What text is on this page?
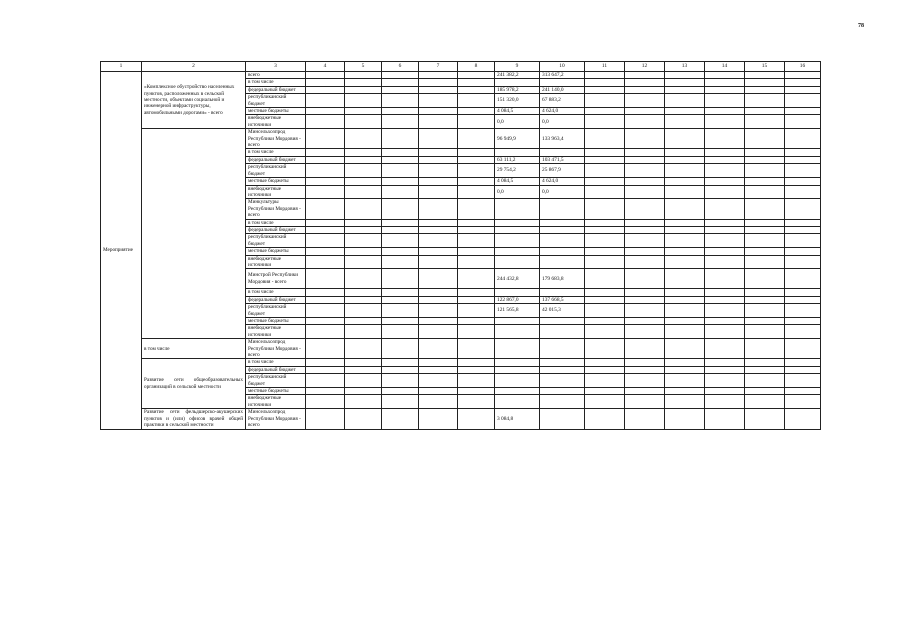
78
1	2	3	4	5	6	7	8	9	10	11	12	13	14	15	16
Мероприятие	«Комплексное обустройство населенных пунктов, расположенных в сельской местности, объектами социальной и инженерной инфраструктуры, автомобильными дорогами» - всего	всего						241 382,2	313 647,2						
		в том числе													
		федеральный бюджет						185 978,2	241 140,0						
		республиканский бюджет						151 320,0	67 883,2						
		местные бюджеты						4 084,5	4 624,0						
		внебюджетные источники						0,0	0,0						
		Минсельхозпрод Республики Мордовия - всего						96 949,9	133 963,4						
		в том числе													
		федеральный бюджет						63 111,2	103 471,5						
		республиканский бюджет						29 754,2	25 867,9						
		местные бюджеты						4 084,5	4 624,0						
		внебюджетные источники						0,0	0,0						
		Минкультуры Республики Мордовия - всего													
		в том числе													
		федеральный бюджет													
		республиканский бюджет													
		местные бюджеты													
		внебюджетные источники													
		Минстрой Республики Мордовия - всего						244 432,8	179 683,8						
		в том числе													
		федеральный бюджет						122 867,0	137 668,5						
		республиканский бюджет						121 565,8	42 015,3						
		местные бюджеты													
		внебюджетные источники													
	в том числе	Минсельхозпрод Республики Мордовия - всего													
	Развитие сети общеобразовательных организаций в сельской местности	в том числе													
		федеральный бюджет													
		республиканский бюджет													
		местные бюджеты													
		внебюджетные источники													
	Развитие сети фельдшерско-акушерских пунктов и (или) офисов врачей общей практики в сельской местности	Минсельхозпрод Республики Мордовия - всего						3 084,8							
